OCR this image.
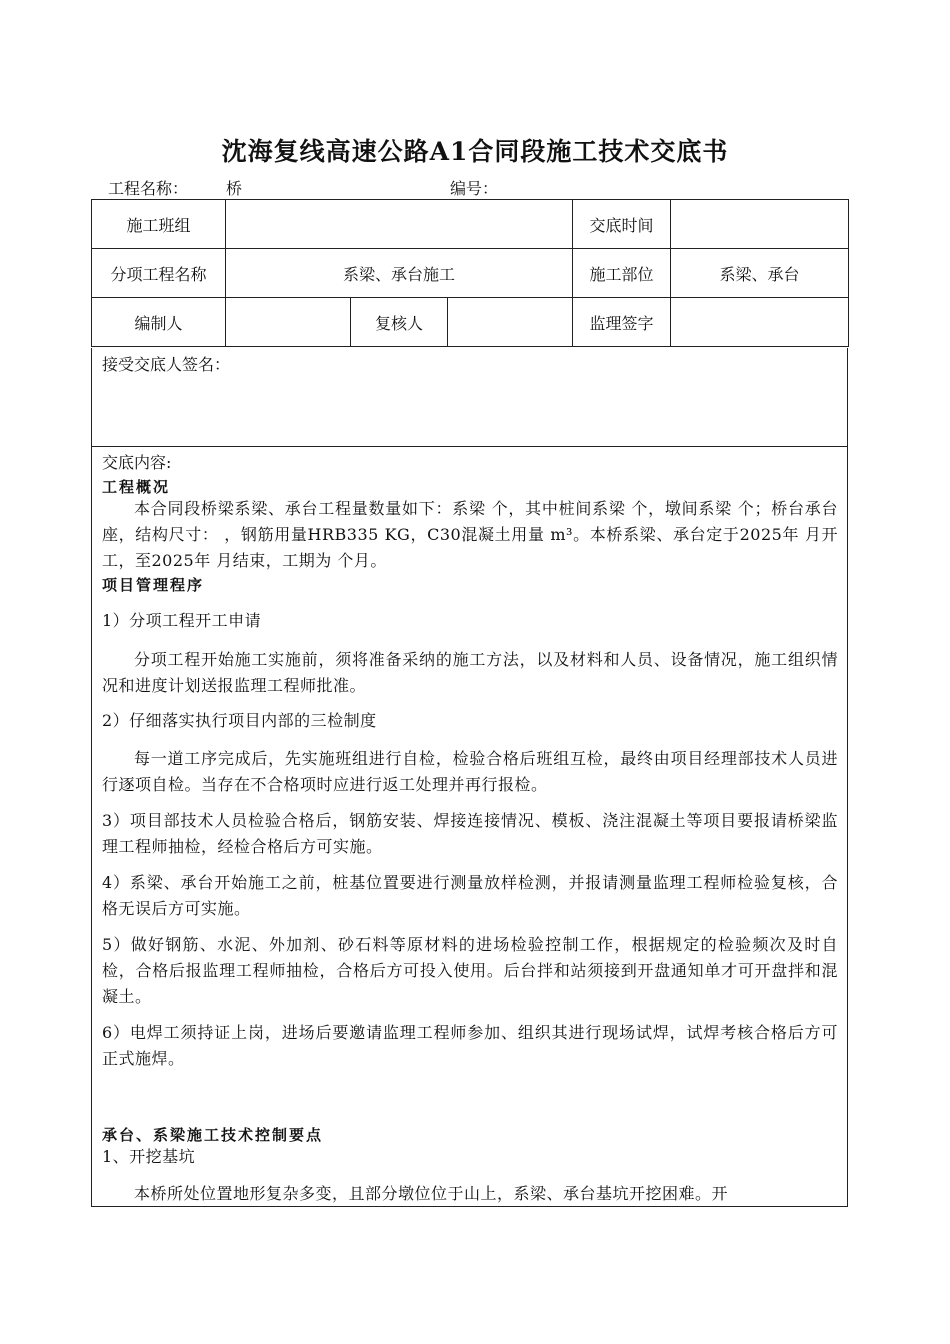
沈海复线高速公路A1合同段施工技术交底书
工程名称： 桥	编号：
施工班组				交底时间	
分项工程名称	系梁、承台施工			施工部位	系梁、承台
编制人		复核人		监理签字	
接受交底人签名：
交底内容:
工程概况
本合同段桥梁系梁、承台工程量数量如下：系梁 个，其中桩间系梁 个，墩间系梁 个；桥台承台 座，结构尺寸： ，钢筋用量HRB335 KG，C30混凝土用量 m³。本桥系梁、承台定于2025年 月开工，至2025年 月结束，工期为 个月。
项目管理程序
1）分项工程开工申请
分项工程开始施工实施前，须将准备采纳的施工方法，以及材料和人员、设备情况，施工组织情况和进度计划送报监理工程师批准。
2）仔细落实执行项目内部的三检制度
每一道工序完成后，先实施班组进行自检，检验合格后班组互检，最终由项目经理部技术人员进行逐项自检。当存在不合格项时应进行返工处理并再行报检。
3）项目部技术人员检验合格后，钢筋安装、焊接连接情况、模板、浇注混凝土等项目要报请桥梁监理工程师抽检，经检合格后方可实施。
4）系梁、承台开始施工之前，桩基位置要进行测量放样检测，并报请测量监理工程师检验复核，合格无误后方可实施。
5）做好钢筋、水泥、外加剂、砂石料等原材料的进场检验控制工作，根据规定的检验频次及时自检，合格后报监理工程师抽检，合格后方可投入使用。后台拌和站须接到开盘通知单才可开盘拌和混凝土。
6）电焊工须持证上岗，进场后要邀请监理工程师参加、组织其进行现场试焊，试焊考核合格后方可正式施焊。
承台、系梁施工技术控制要点
1、开挖基坑
本桥所处位置地形复杂多变，且部分墩位位于山上，系梁、承台基坑开挖困难。开
